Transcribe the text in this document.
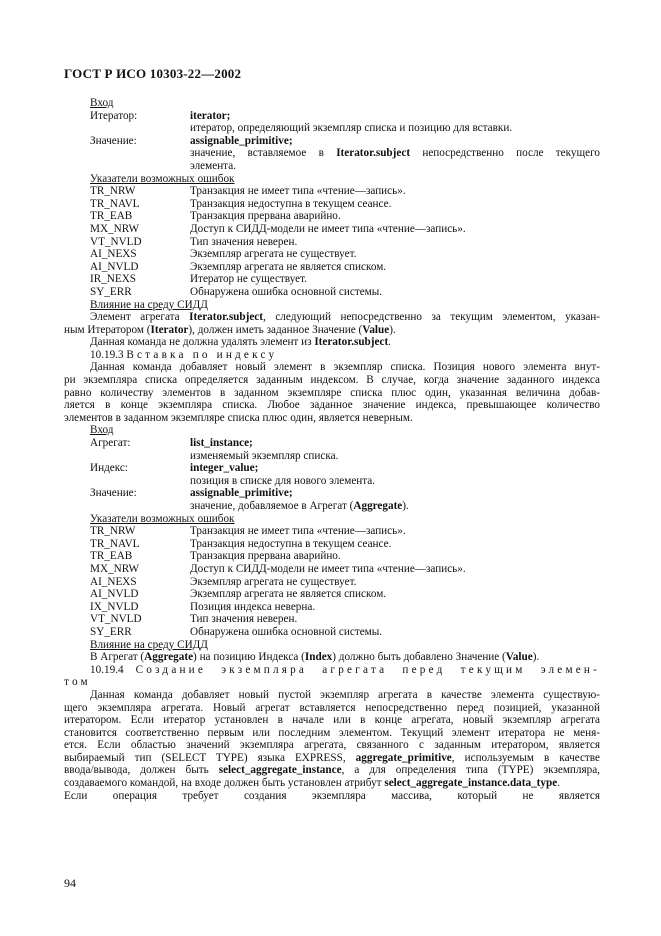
ГОСТ Р ИСО 10303-22—2002

Вход

Итератор:	iterator;

итератор, определяющий экземпляр списка и позицию для вставки.

Значение:	assignable_primitive;

значение, вставляемое в Iterator.subject непосредственно после текущего

элемента.

Указатели возможных ошибок

TR_NRW	Транзакция не имеет типа «чтение—запись».
TR_NAVL	Транзакция недоступна в текущем сеансе.
TR_EAB	Транзакция прервана аварийно.
MX_NRW	Доступ к СИДД-модели не имеет типа «чтение—запись».
VT_NVLD	Тип значения неверен.
AI_NEXS	Экземпляр агрегата не существует.
AI_NVLD	Экземпляр агрегата не является списком.
IR_NEXS	Итератор не существует.
SY_ERR	Обнаружена ошибка основной системы.

Влияние на среду СИДД

Элемент агрегата Iterator.subject, следующий непосредственно за текущим элементом, указан-

ным Итератором (Iterator), должен иметь заданное Значение (Value).

Данная команда не должна удалять элемент из Iterator.subject.

10.19.3 Вставка по индексу

Данная команда добавляет новый элемент в экземпляр списка. Позиция нового элемента внут-

ри экземпляра списка определяется заданным индексом. В случае, когда значение заданного индекса

равно количеству элементов в заданном экземпляре списка плюс один, указанная величина добав-

ляется в конце экземпляра списка. Любое заданное значение индекса, превышающее количество

элементов в заданном экземпляре списка плюс один, является неверным.

Вход

Агрегат:	list_instance;

изменяемый экземпляр списка.

Индекс:	integer_value;

позиция в списке для нового элемента.

Значение:	assignable_primitive;

значение, добавляемое в Агрегат (Aggregate).

Указатели возможных ошибок

TR_NRW	Транзакция не имеет типа «чтение—запись».
TR_NAVL	Транзакция недоступна в текущем сеансе.
TR_EAB	Транзакция прервана аварийно.
MX_NRW	Доступ к СИДД-модели не имеет типа «чтение—запись».
AI_NEXS	Экземпляр агрегата не существует.
AI_NVLD	Экземпляр агрегата не является списком.
IX_NVLD	Позиция индекса неверна.
VT_NVLD	Тип значения неверен.
SY_ERR	Обнаружена ошибка основной системы.

Влияние на среду СИДД

В Агрегат (Aggregate) на позицию Индекса (Index) должно быть добавлено Значение (Value).

10.19.4 Создание экземпляра агрегата перед текущим элемен-

том

Данная команда добавляет новый пустой экземпляр агрегата в качестве элемента существую-

щего экземпляра агрегата. Новый агрегат вставляется непосредственно перед позицией, указанной

итератором. Если итератор установлен в начале или в конце агрегата, новый экземпляр агрегата

становится соответственно первым или последним элементом. Текущий элемент итератора не меня-

ется. Если областью значений экземпляра агрегата, связанного с заданным итератором, является

выбираемый тип (SELECT TYPE) языка EXPRESS, aggregate_primitive, используемым в качестве

ввода/вывода, должен быть select_aggregate_instance, а для определения типа (TYPE) экземпляра,

создаваемого командой, на входе должен быть установлен атрибут select_aggregate_instance.data_type.

Если операция требует создания экземпляра массива, который не является

94
